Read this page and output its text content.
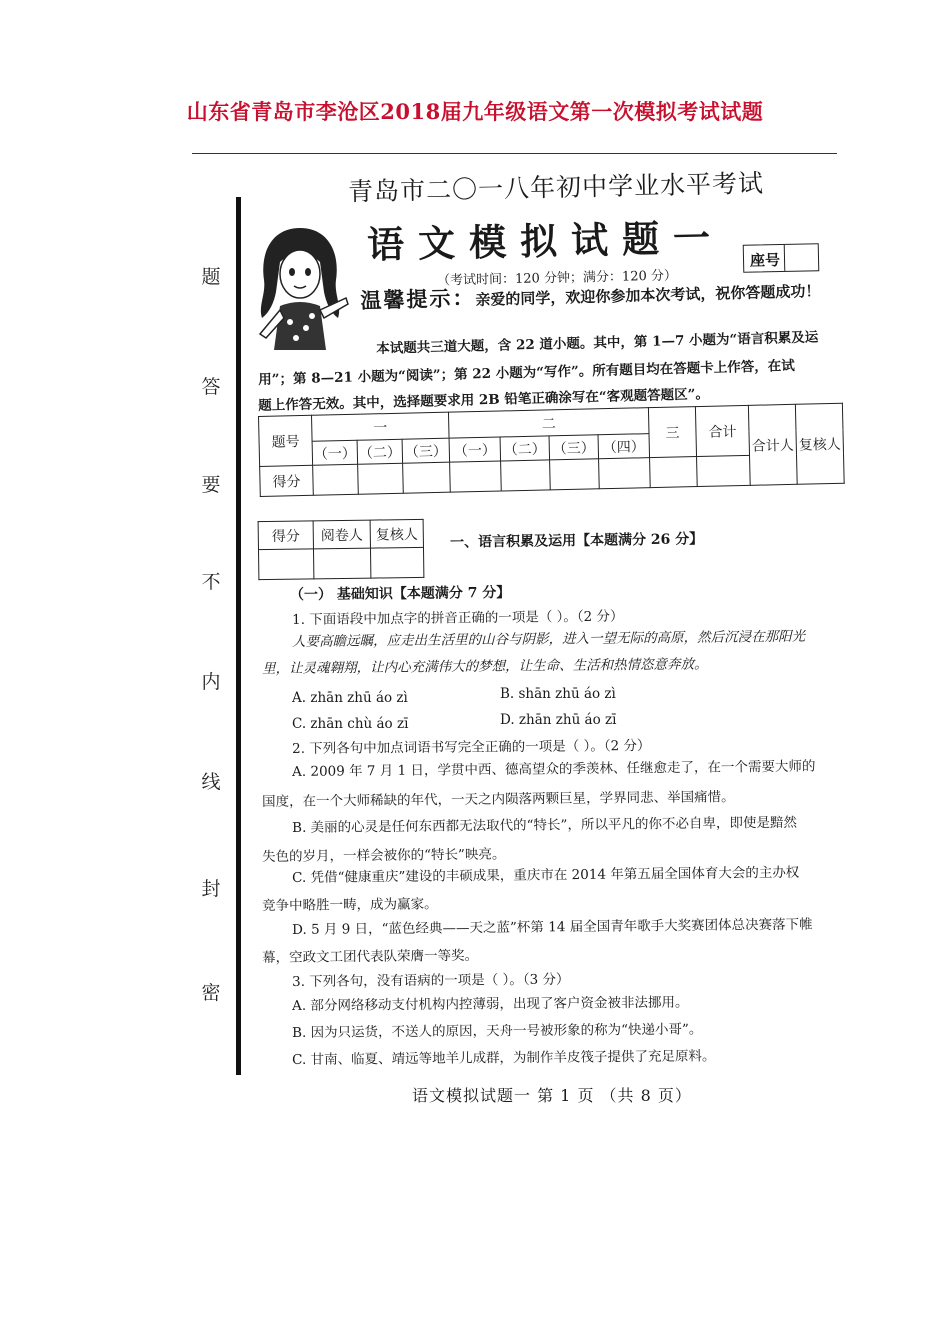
山东省青岛市李沧区2018届九年级语文第一次模拟考试试题
题
答
要
不
内
线
封
密
青岛市二〇一八年初中学业水平考试
语文模拟试题一
（考试时间：120 分钟；满分：120 分）
座号
温馨提示：亲爱的同学，欢迎你参加本次考试，祝你答题成功！
本试题共三道大题，含 22 道小题。其中，第 1—7 小题为“语言积累及运
用”；第 8—21 小题为“阅读”；第 22 小题为“写作”。所有题目均在答题卡上作答，在试
题上作答无效。其中，选择题要求用 2B 铅笔正确涂写在“客观题答题区”。
题号	一			二				三	合计	合计人	复核人
	（一）	（二）	（三）	（一）	（二）	（三）	（四）				
得分											
得分	阅卷人	复核人
		一、语言积累及运用【本题满分 26 分】
（一） 基础知识【本题满分 7 分】
1. 下面语段中加点字的拼音正确的一项是（ ）。（2 分）
人要高瞻远瞩，应走出生活里的山谷与阴影，进入一望无际的高原，然后沉浸在那阳光
里，让灵魂翱翔，让内心充满伟大的梦想，让生命、生活和热情恣意奔放。
A. zhān zhū áo zì	B. shān zhū áo zì
C. zhān chù áo zī	D. zhān zhū áo zī
2. 下列各句中加点词语书写完全正确的一项是（ ）。（2 分）
A. 2009 年 7 月 1 日，学贯中西、德高望众的季羡林、任继愈走了，在一个需要大师的
国度，在一个大师稀缺的年代，一天之内陨落两颗巨星，学界同悲、举国痛惜。
B. 美丽的心灵是任何东西都无法取代的“特长”，所以平凡的你不必自卑，即使是黯然
失色的岁月，一样会被你的“特长”映亮。
C. 凭借“健康重庆”建设的丰硕成果，重庆市在 2014 年第五届全国体育大会的主办权
竞争中略胜一畴，成为赢家。
D. 5 月 9 日，“蓝色经典——天之蓝”杯第 14 届全国青年歌手大奖赛团体总决赛落下帷
幕，空政文工团代表队荣膺一等奖。
3. 下列各句，没有语病的一项是（ ）。（3 分）
A. 部分网络移动支付机构内控薄弱，出现了客户资金被非法挪用。
B. 因为只运货，不送人的原因，天舟一号被形象的称为“快递小哥”。
C. 甘南、临夏、靖远等地羊儿成群，为制作羊皮筏子提供了充足原料。
语文模拟试题一 第 1 页 （共 8 页）
